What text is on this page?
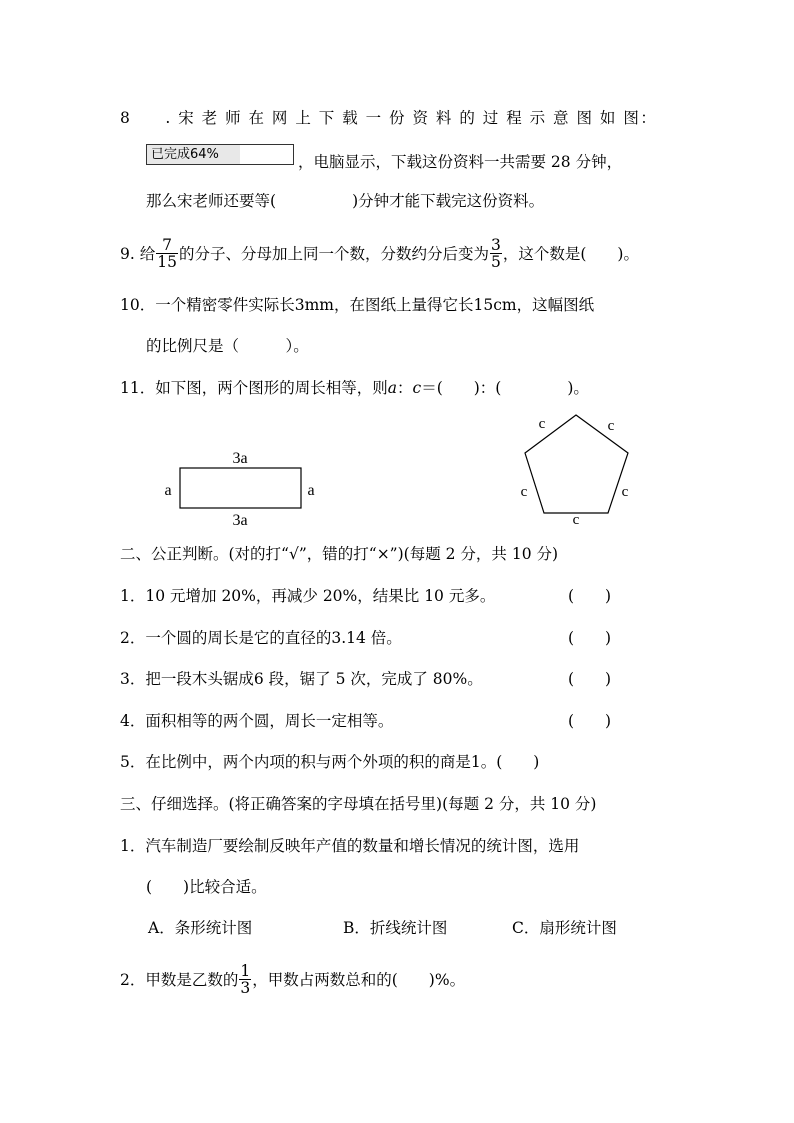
8　　. 宋 老 师 在 网 上 下 载 一 份 资 料 的 过 程 示 意 图 如 图：
已完成64%	，电脑显示，下载这份资料一共需要 28 分钟，
那么宋老师还要等(	)分钟才能下载完这份资料。
9. 给 $\frac{7}{15}$ 的分子、分母加上同一个数，分数约分后变为 $\frac{3}{5}$ ，这个数是(　　)。
10．一个精密零件实际长3mm，在图纸上量得它长15cm，这幅图纸
的比例尺是（　　　）。
11．如下图，两个图形的周长相等，则a：c＝(　　)：(	)。
3a
3a
a	a
c	c
c	c
c
二、公正判断。(对的打“√”，错的打“×”)(每题 2 分，共 10 分)
1．10 元增加 20%，再减少 20%，结果比 10 元多。	(　　)
2．一个圆的周长是它的直径的3.14 倍。	(　　)
3．把一段木头锯成6 段，锯了 5 次，完成了 80%。	(　　)
4．面积相等的两个圆，周长一定相等。	(　　)
5．在比例中，两个内项的积与两个外项的积的商是1。(　　)
三、仔细选择。(将正确答案的字母填在括号里)(每题 2 分，共 10 分)
1．汽车制造厂要绘制反映年产值的数量和增长情况的统计图，选用
(　　)比较合适。
A．条形统计图	B．折线统计图	C．扇形统计图
2．甲数是乙数的 $\frac{1}{3}$ ，甲数占两数总和的(　　)%。
